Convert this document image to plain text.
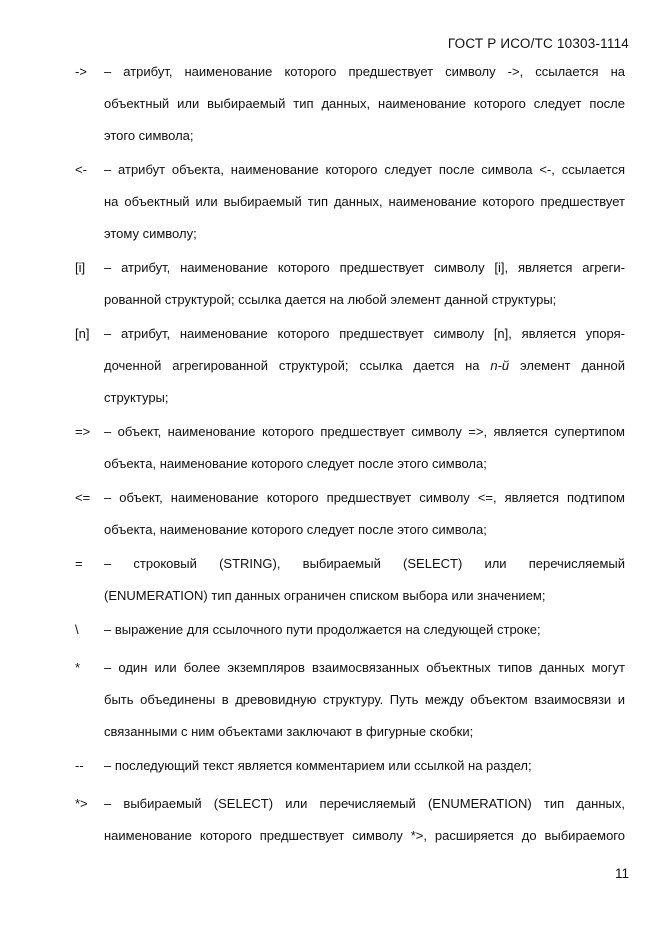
ГОСТ Р ИСО/ТС 10303-1114
-> – атрибут, наименование которого предшествует символу ->, ссылается на
объектный или выбираемый тип данных, наименование которого следует после
этого символа;
<- – атрибут объекта, наименование которого следует после символа <-, ссылается
на объектный или выбираемый тип данных, наименование которого предшествует
этому символу;
[i] – атрибут, наименование которого предшествует символу [i], является агреги-
рованной структурой; ссылка дается на любой элемент данной структуры;
[n] – атрибут, наименование которого предшествует символу [n], является упоря-
доченной агрегированной структурой; ссылка дается на n-й элемент данной
структуры;
=> – объект, наименование которого предшествует символу =>, является супертипом
объекта, наименование которого следует после этого символа;
<= – объект, наименование которого предшествует символу <=, является подтипом
объекта, наименование которого следует после этого символа;
= – строковый (STRING), выбираемый (SELECT) или перечисляемый
(ENUMERATION) тип данных ограничен списком выбора или значением;
\ – выражение для ссылочного пути продолжается на следующей строке;
* – один или более экземпляров взаимосвязанных объектных типов данных могут
быть объединены в древовидную структуру. Путь между объектом взаимосвязи и
связанными с ним объектами заключают в фигурные скобки;
-- – последующий текст является комментарием или ссылкой на раздел;
*> – выбираемый (SELECT) или перечисляемый (ENUMERATION) тип данных,
наименование которого предшествует символу *>, расширяется до выбираемого
11
